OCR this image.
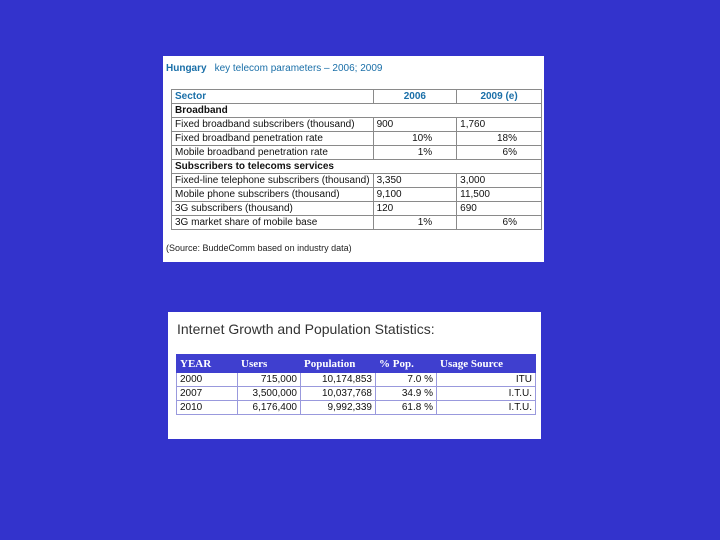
Hungary key telecom parameters – 2006; 2009
Sector	2006	2009 (e)
Broadband		
Fixed broadband subscribers (thousand)	900	1,760
Fixed broadband penetration rate	10%	18%
Mobile broadband penetration rate	1%	6%
Subscribers to telecoms services		
Fixed-line telephone subscribers (thousand)	3,350	3,000
Mobile phone subscribers (thousand)	9,100	11,500
3G subscribers (thousand)	120	690
3G market share of mobile base	1%	6%
(Source: BuddeComm based on industry data)
Internet Growth and Population Statistics:
YEAR	Users	Population	% Pop.	Usage Source
2000	715,000	10,174,853	7.0 %	ITU
2007	3,500,000	10,037,768	34.9 %	I.T.U.
2010	6,176,400	9,992,339	61.8 %	I.T.U.
